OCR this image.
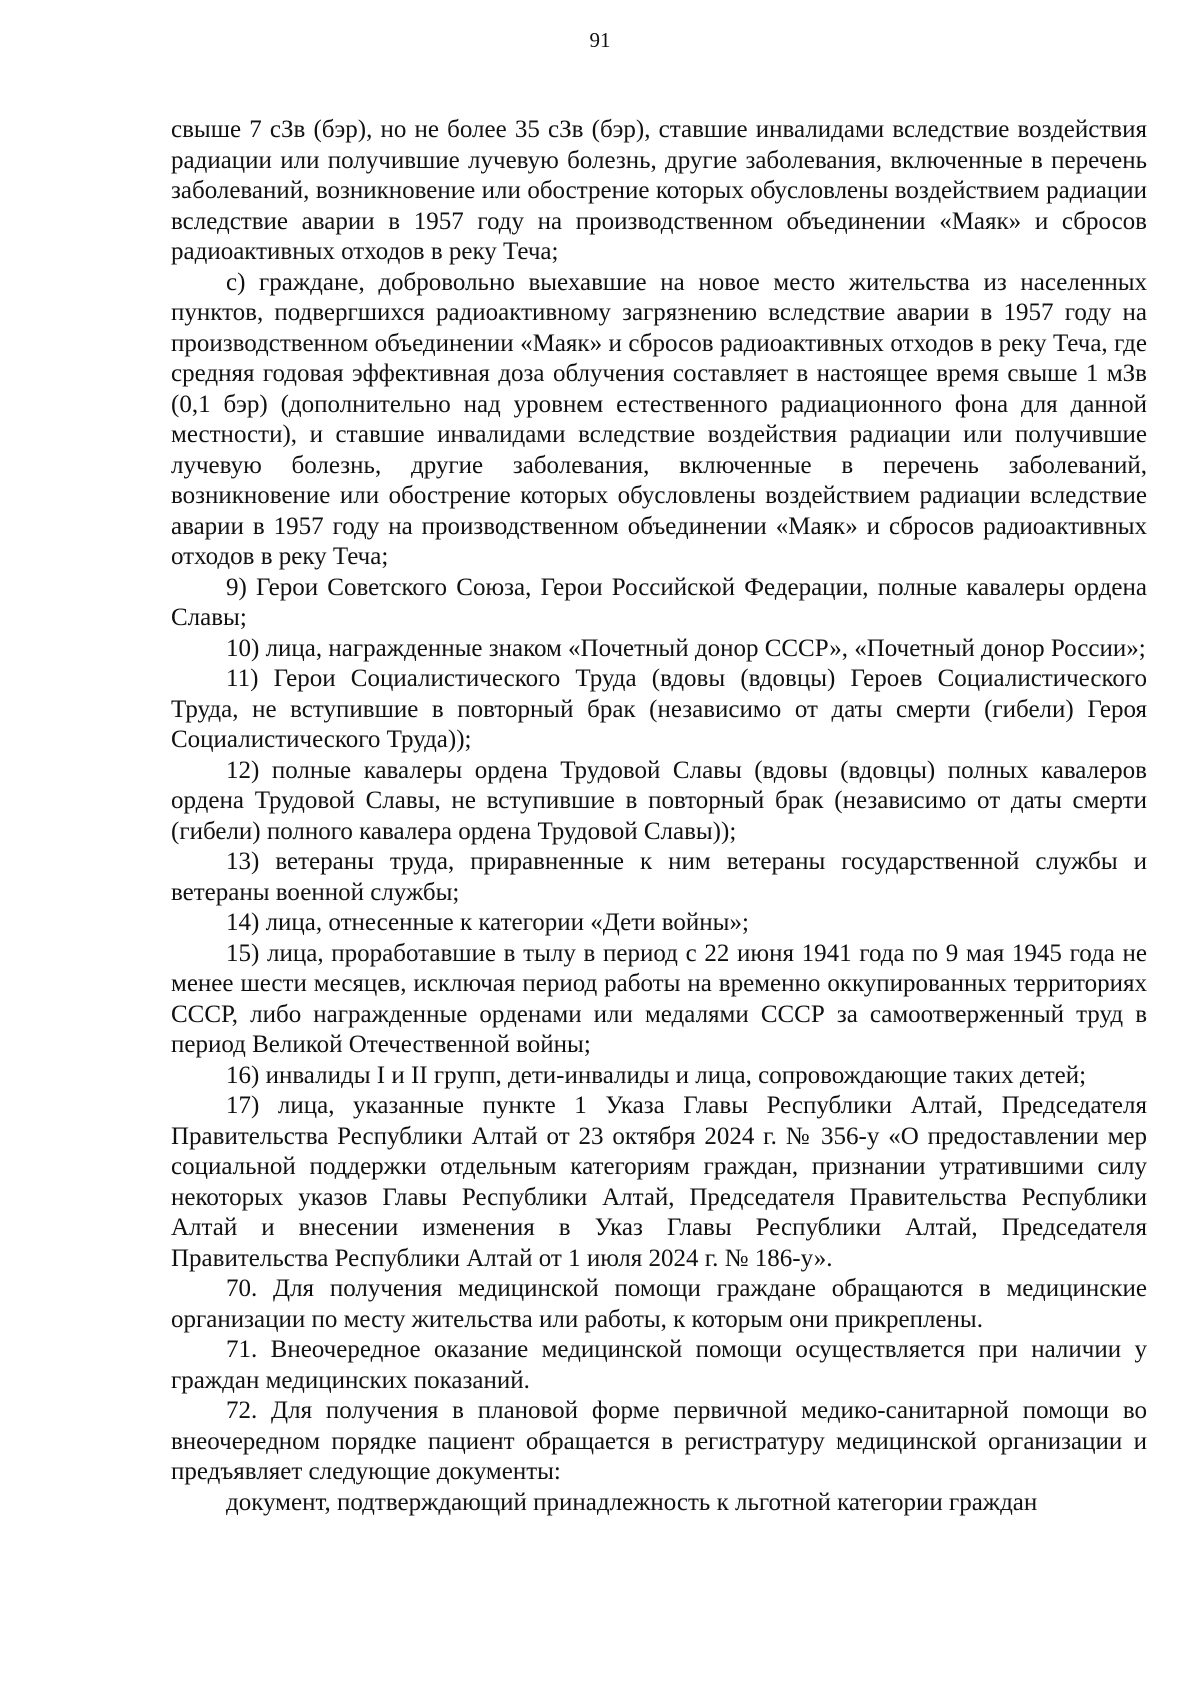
91

свыше 7 сЗв (бэр), но не более 35 сЗв (бэр), ставшие инвалидами вследствие воздействия радиации или получившие лучевую болезнь, другие заболевания, включенные в перечень заболеваний, возникновение или обострение которых обусловлены воздействием радиации вследствие аварии в 1957 году на производственном объединении «Маяк» и сбросов радиоактивных отходов в реку Теча;

с) граждане, добровольно выехавшие на новое место жительства из населенных пунктов, подвергшихся радиоактивному загрязнению вследствие аварии в 1957 году на производственном объединении «Маяк» и сбросов радиоактивных отходов в реку Теча, где средняя годовая эффективная доза облучения составляет в настоящее время свыше 1 мЗв (0,1 бэр) (дополнительно над уровнем естественного радиационного фона для данной местности), и ставшие инвалидами вследствие воздействия радиации или получившие лучевую болезнь, другие заболевания, включенные в перечень заболеваний, возникновение или обострение которых обусловлены воздействием радиации вследствие аварии в 1957 году на производственном объединении «Маяк» и сбросов радиоактивных отходов в реку Теча;

9) Герои Советского Союза, Герои Российской Федерации, полные кавалеры ордена Славы;

10) лица, награжденные знаком «Почетный донор СССР», «Почетный донор России»;

11) Герои Социалистического Труда (вдовы (вдовцы) Героев Социалистического Труда, не вступившие в повторный брак (независимо от даты смерти (гибели) Героя Социалистического Труда));

12) полные кавалеры ордена Трудовой Славы (вдовы (вдовцы) полных кавалеров ордена Трудовой Славы, не вступившие в повторный брак (независимо от даты смерти (гибели) полного кавалера ордена Трудовой Славы));

13) ветераны труда, приравненные к ним ветераны государственной службы и ветераны военной службы;

14) лица, отнесенные к категории «Дети войны»;

15) лица, проработавшие в тылу в период с 22 июня 1941 года по 9 мая 1945 года не менее шести месяцев, исключая период работы на временно оккупированных территориях СССР, либо награжденные орденами или медалями СССР за самоотверженный труд в период Великой Отечественной войны;

16) инвалиды I и II групп, дети-инвалиды и лица, сопровождающие таких детей;

17) лица, указанные пункте 1 Указа Главы Республики Алтай, Председателя Правительства Республики Алтай от 23 октября 2024 г. № 356-у «О предоставлении мер социальной поддержки отдельным категориям граждан, признании утратившими силу некоторых указов Главы Республики Алтай, Председателя Правительства Республики Алтай и внесении изменения в Указ Главы Республики Алтай, Председателя Правительства Республики Алтай от 1 июля 2024 г. № 186-у».

70. Для получения медицинской помощи граждане обращаются в медицинские организации по месту жительства или работы, к которым они прикреплены.

71. Внеочередное оказание медицинской помощи осуществляется при наличии у граждан медицинских показаний.

72. Для получения в плановой форме первичной медико-санитарной помощи во внеочередном порядке пациент обращается в регистратуру медицинской организации и предъявляет следующие документы:

документ, подтверждающий принадлежность к льготной категории граждан
